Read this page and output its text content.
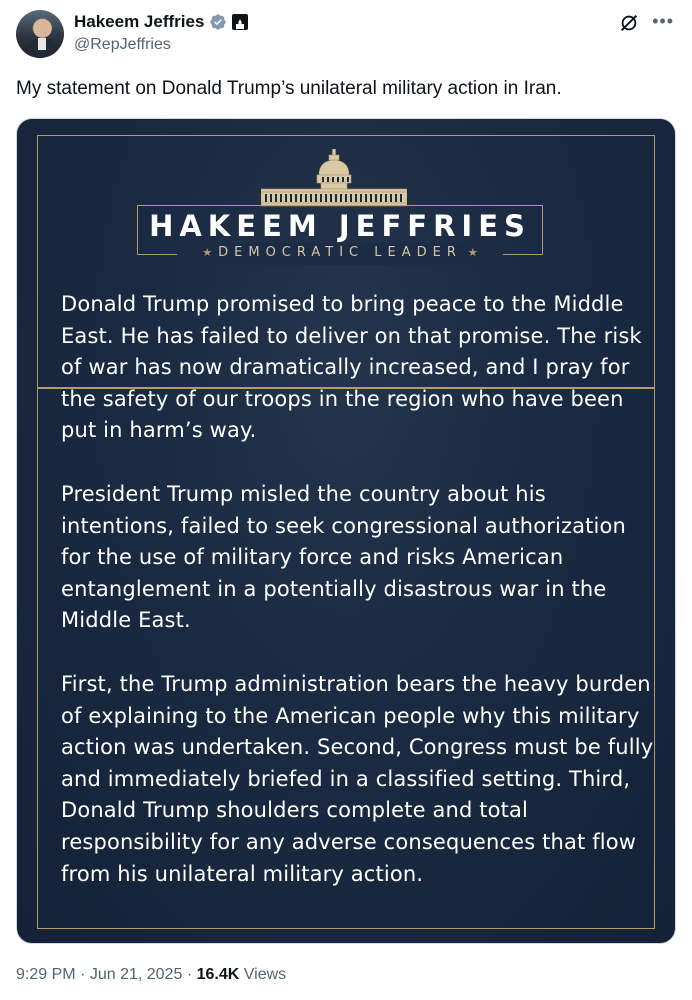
Hakeem Jeffries
@RepJeffries
•••
My statement on Donald Trump’s unilateral military action in Iran.
HAKEEM JEFFRIES
★ DEMOCRATIC LEADER ★

Donald Trump promised to bring peace to the Middle East. He has failed to deliver on that promise. The risk of war has now dramatically increased, and I pray for the safety of our troops in the region who have been put in harm’s way.

President Trump misled the country about his intentions, failed to seek congressional authorization for the use of military force and risks American entanglement in a potentially disastrous war in the Middle East.

First, the Trump administration bears the heavy burden of explaining to the American people why this military action was undertaken. Second, Congress must be fully and immediately briefed in a classified setting. Third, Donald Trump shoulders complete and total responsibility for any adverse consequences that flow from his unilateral military action.

9:29 PM · Jun 21, 2025 · 16.4K Views
